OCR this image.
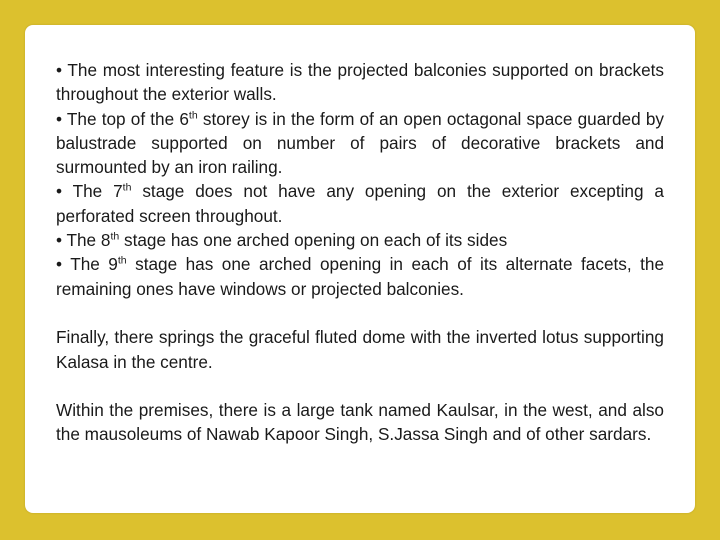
• The most interesting feature is the projected balconies supported on brackets throughout the exterior walls.

• The top of the 6th storey is in the form of an open octagonal space guarded by balustrade supported on number of pairs of decorative brackets and surmounted by an iron railing.

• The 7th stage does not have any opening on the exterior excepting a perforated screen throughout.

• The 8th stage has one arched opening on each of its sides

• The 9th stage has one arched opening in each of its alternate facets, the remaining ones have windows or projected balconies.

Finally, there springs the graceful fluted dome with the inverted lotus supporting Kalasa in the centre.

Within the premises, there is a large tank named Kaulsar, in the west, and also the mausoleums of Nawab Kapoor Singh, S.Jassa Singh and of other sardars.
